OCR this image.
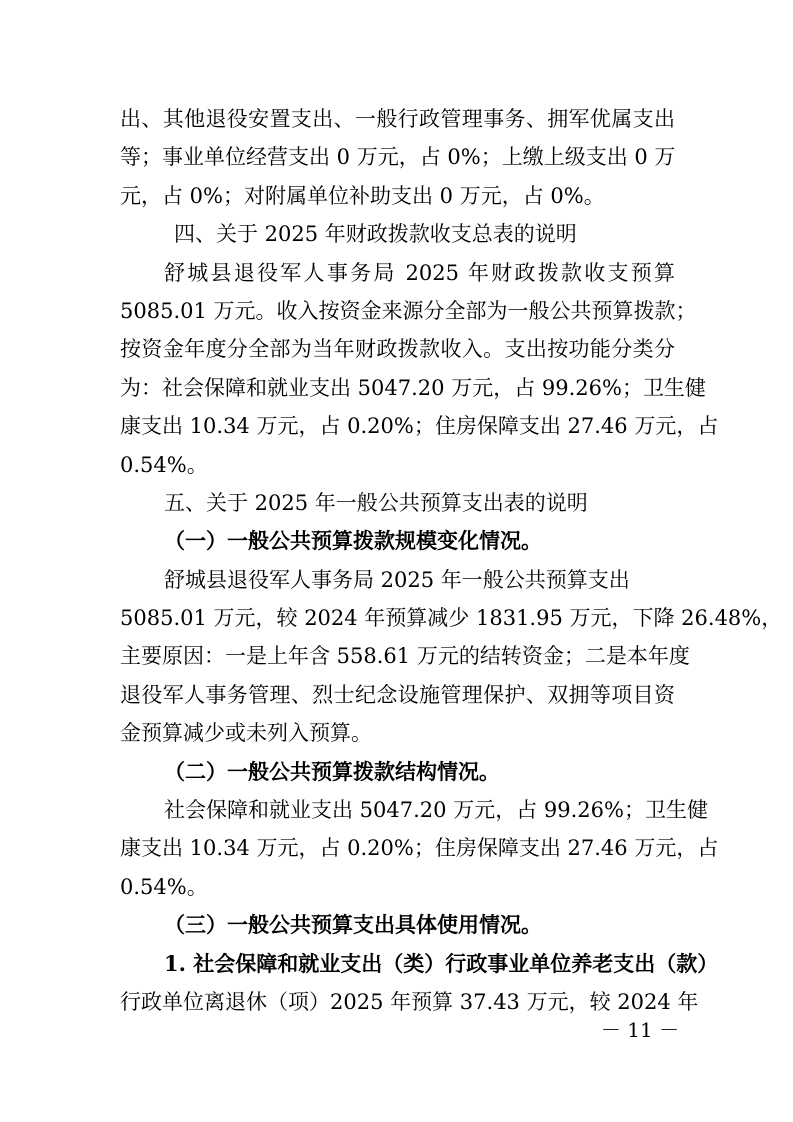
出、其他退役安置支出、一般行政管理事务、拥军优属支出
等；事业单位经营支出 0 万元，占 0%；上缴上级支出 0 万
元，占 0%；对附属单位补助支出 0 万元，占 0%。
四、关于 2025 年财政拨款收支总表的说明
舒城县退役军人事务局 2025 年财政拨款收支预算
5085.01 万元。收入按资金来源分全部为一般公共预算拨款；
按资金年度分全部为当年财政拨款收入。支出按功能分类分
为：社会保障和就业支出 5047.20 万元，占 99.26%；卫生健
康支出 10.34 万元，占 0.20%；住房保障支出 27.46 万元，占
0.54%。
五、关于 2025 年一般公共预算支出表的说明
（一）一般公共预算拨款规模变化情况。
舒城县退役军人事务局 2025 年一般公共预算支出
5085.01 万元，较 2024 年预算减少 1831.95 万元，下降 26.48%，
主要原因：一是上年含 558.61 万元的结转资金；二是本年度
退役军人事务管理、烈士纪念设施管理保护、双拥等项目资
金预算减少或未列入预算。
（二）一般公共预算拨款结构情况。
社会保障和就业支出 5047.20 万元，占 99.26%；卫生健
康支出 10.34 万元，占 0.20%；住房保障支出 27.46 万元，占
0.54%。
（三）一般公共预算支出具体使用情况。
1. 社会保障和就业支出（类）行政事业单位养老支出（款）
行政单位离退休（项）2025 年预算 37.43 万元，较 2024 年
－ 11 －
